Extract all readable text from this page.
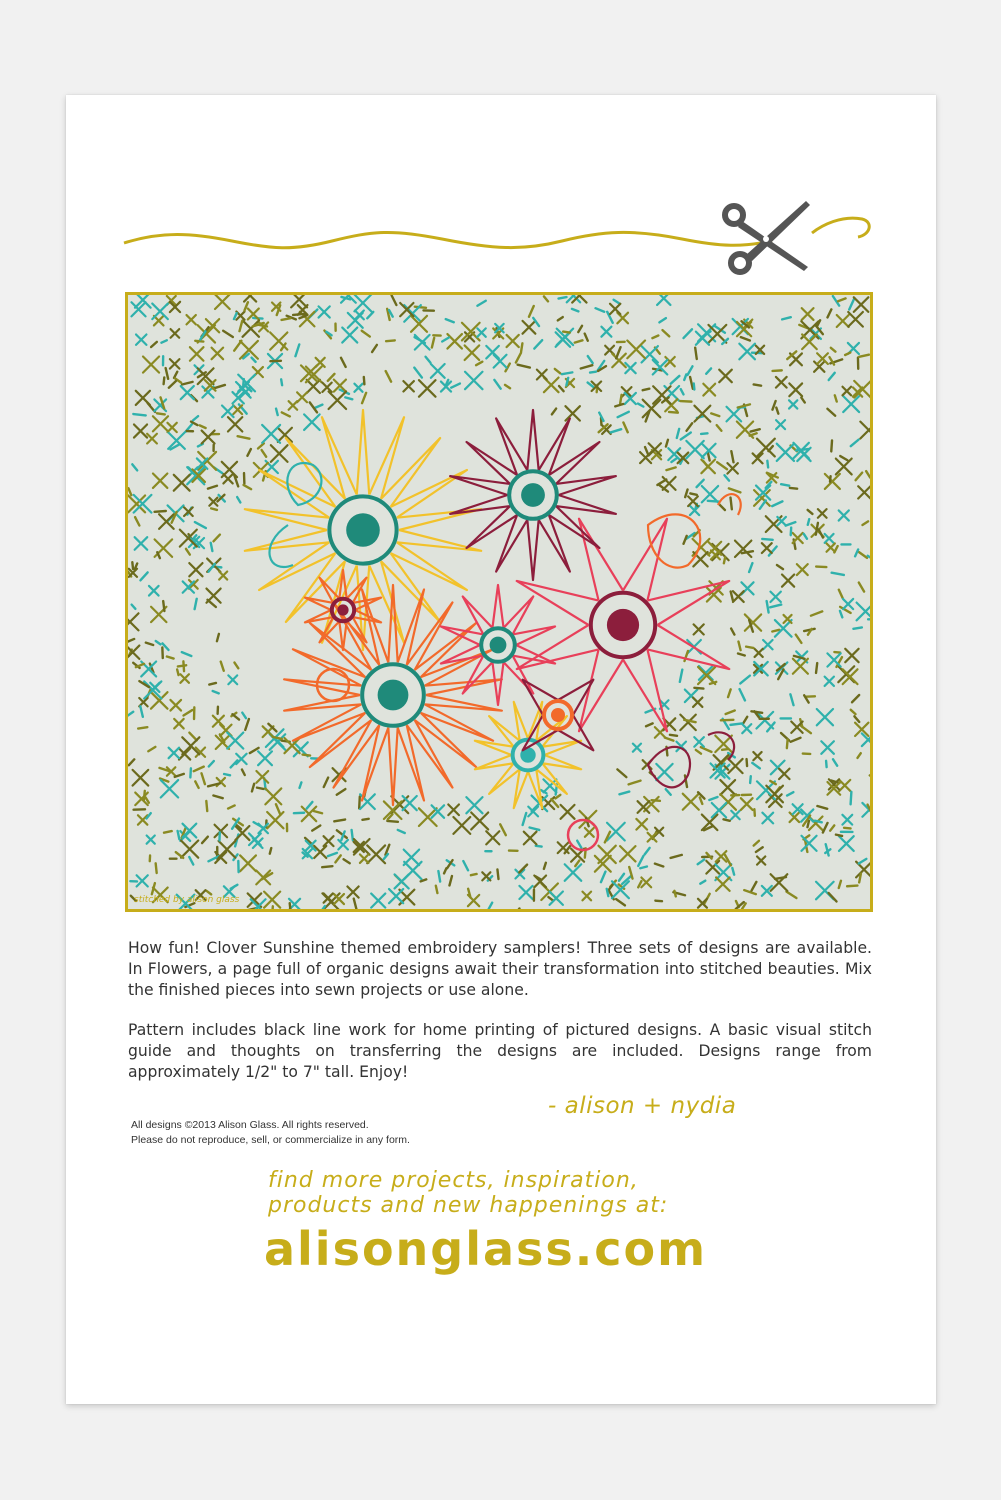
stitched by alison glass

How fun! Clover Sunshine themed embroidery samplers! Three sets of designs are available. In Flowers, a page full of organic designs await their transformation into stitched beauties. Mix the finished pieces into sewn projects or use alone.

Pattern includes black line work for home printing of pictured designs. A basic visual stitch guide and thoughts on transferring the designs are included. Designs range from approximately 1/2" to 7" tall. Enjoy!

- alison + nydia

All designs ©2013 Alison Glass. All rights reserved.
Please do not reproduce, sell, or commercialize in any form.

find more projects, inspiration,
products and new happenings at:

alisonglass.com
